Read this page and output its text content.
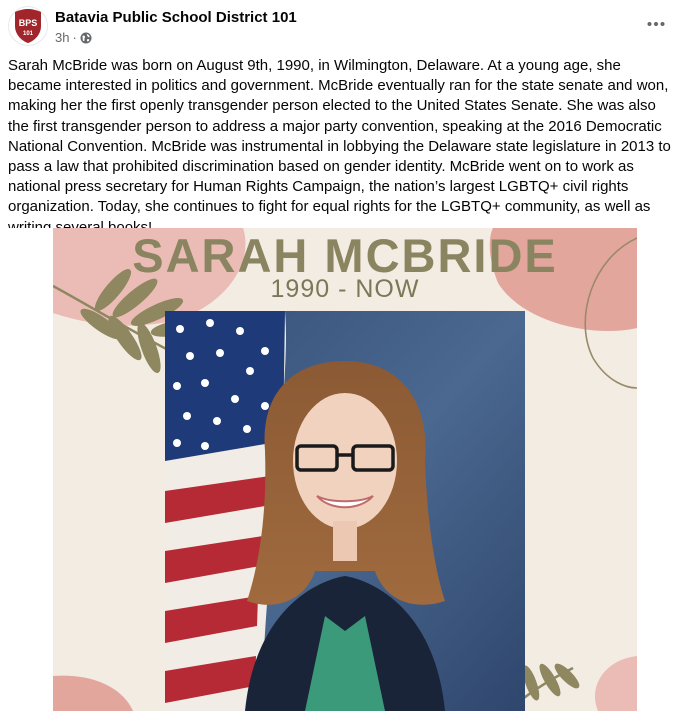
BPS
101
Batavia Public School District 101
3h ·

Sarah McBride was born on August 9th, 1990, in Wilmington, Delaware. At a young age, she became interested in politics and government. McBride eventually ran for the state senate and won, making her the first openly transgender person elected to the United States Senate. She was also the first transgender person to address a major party convention, speaking at the 2016 Democratic National Convention. McBride was instrumental in lobbying the Delaware state legislature in 2013 to pass a law that prohibited discrimination based on gender identity. McBride went on to work as national press secretary for Human Rights Campaign, the nation’s largest LGBTQ+ civil rights organization. Today, she continues to fight for equal rights for the LGBTQ+ community, as well as

SARAH MCBRIDE
1990 - NOW
